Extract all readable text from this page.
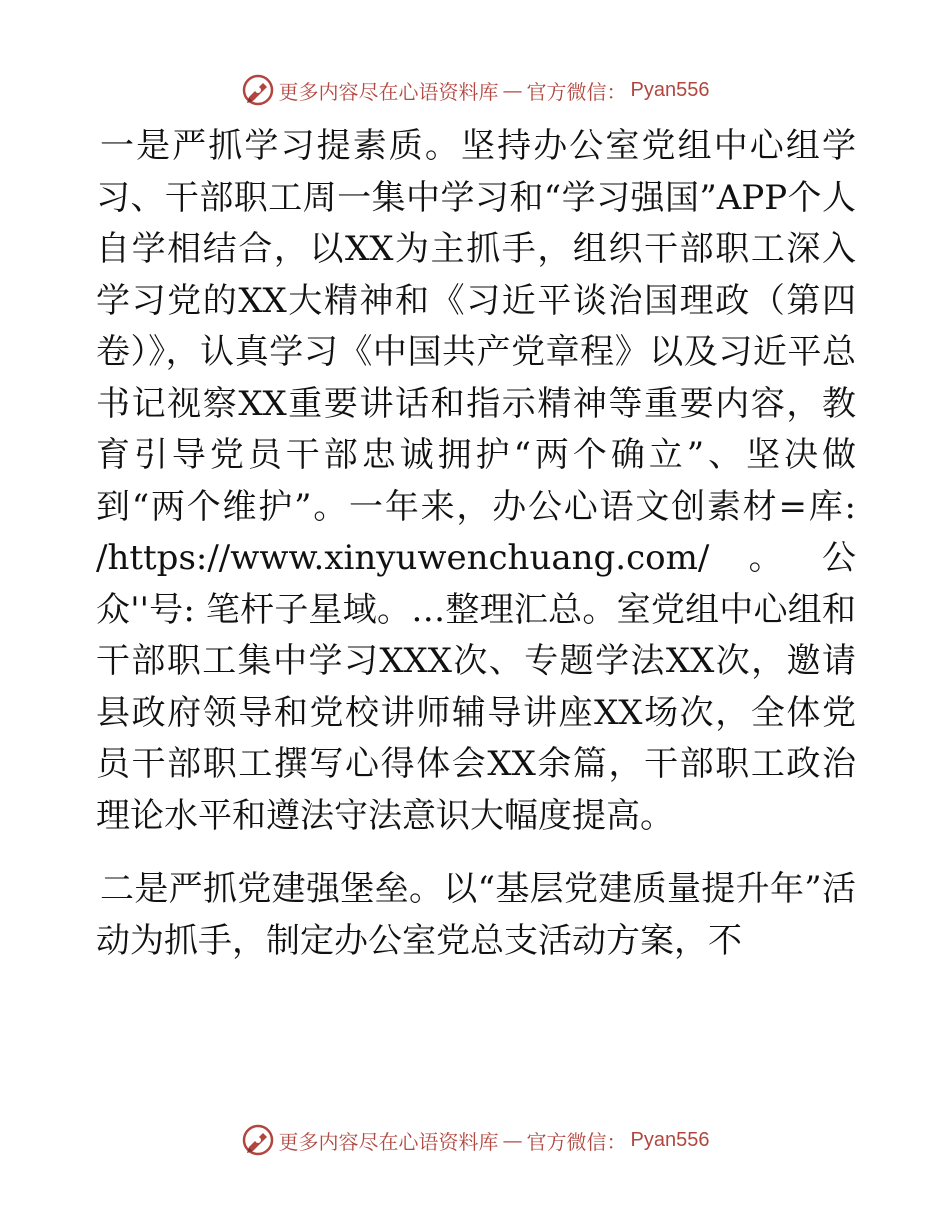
更多内容尽在心语资料库 — 官方微信： Pyan556

一是严抓学习提素质。坚持办公室党组中心组学习、干部职工周一集中学习和“学习强国”APP个人自学相结合，以XX为主抓手，组织干部职工深入学习党的XX大精神和《习近平谈治国理政（第四卷）》，认真学习《中国共产党章程》以及习近平总书记视察XX重要讲话和指示精神等重要内容，教育引导党员干部忠诚拥护“两个确立”、坚决做到“两个维护”。一年来，办公心语文创素材=库: /https://www.xinyuwenchuang.com/。公众''号: 笔杆子星域。…整理汇总。室党组中心组和干部职工集中学习XXX次、专题学法XX次，邀请县政府领导和党校讲师辅导讲座XX场次，全体党员干部职工撰写心得体会XX余篇，干部职工政治理论水平和遵法守法意识大幅度提高。

二是严抓党建强堡垒。以“基层党建质量提升年”活动为抓手，制定办公室党总支活动方案，不

更多内容尽在心语资料库 — 官方微信： Pyan556
